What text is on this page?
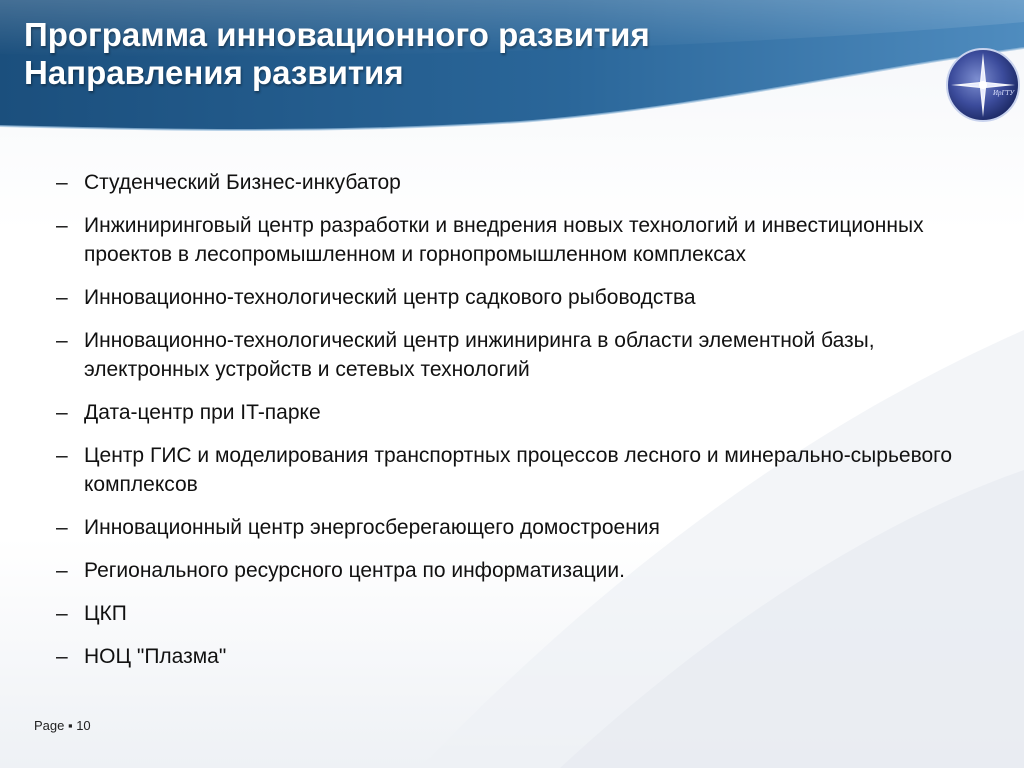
Программа инновационного развития
Направления развития
ИрГТУ
– Студенческий Бизнес-инкубатор
– Инжиниринговый центр разработки и внедрения новых технологий и инвестиционных проектов в лесопромышленном и горнопромышленном комплексах
– Инновационно-технологический центр садкового рыбоводства
– Инновационно-технологический центр инжиниринга в области элементной базы, электронных устройств и сетевых технологий
– Дата-центр при IT-парке
– Центр ГИС и моделирования транспортных процессов лесного и минерально-сырьевого комплексов
– Инновационный центр энергосберегающего домостроения
– Регионального ресурсного центра по информатизации.
– ЦКП
– НОЦ "Плазма"
Page ▪ 10
